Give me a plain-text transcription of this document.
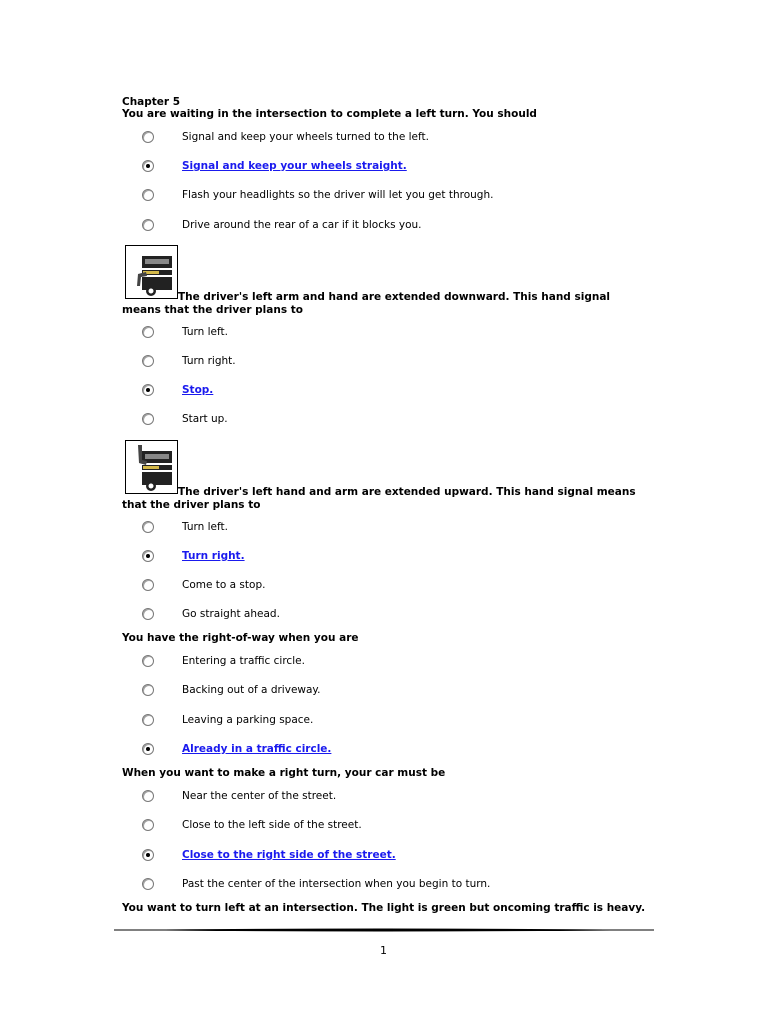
Chapter 5
You are waiting in the intersection to complete a left turn. You should
Signal and keep your wheels turned to the left.
Signal and keep your wheels straight.
Flash your headlights so the driver will let you get through.
Drive around the rear of a car if it blocks you.
The driver's left arm and hand are extended downward. This hand signal means that the driver plans to
Turn left.
Turn right.
Stop.
Start up.
The driver's left hand and arm are extended upward. This hand signal means that the driver plans to
Turn left.
Turn right.
Come to a stop.
Go straight ahead.
You have the right-of-way when you are
Entering a traffic circle.
Backing out of a driveway.
Leaving a parking space.
Already in a traffic circle.
When you want to make a right turn, your car must be
Near the center of the street.
Close to the left side of the street.
Close to the right side of the street.
Past the center of the intersection when you begin to turn.
You want to turn left at an intersection. The light is green but oncoming traffic is heavy.
1
